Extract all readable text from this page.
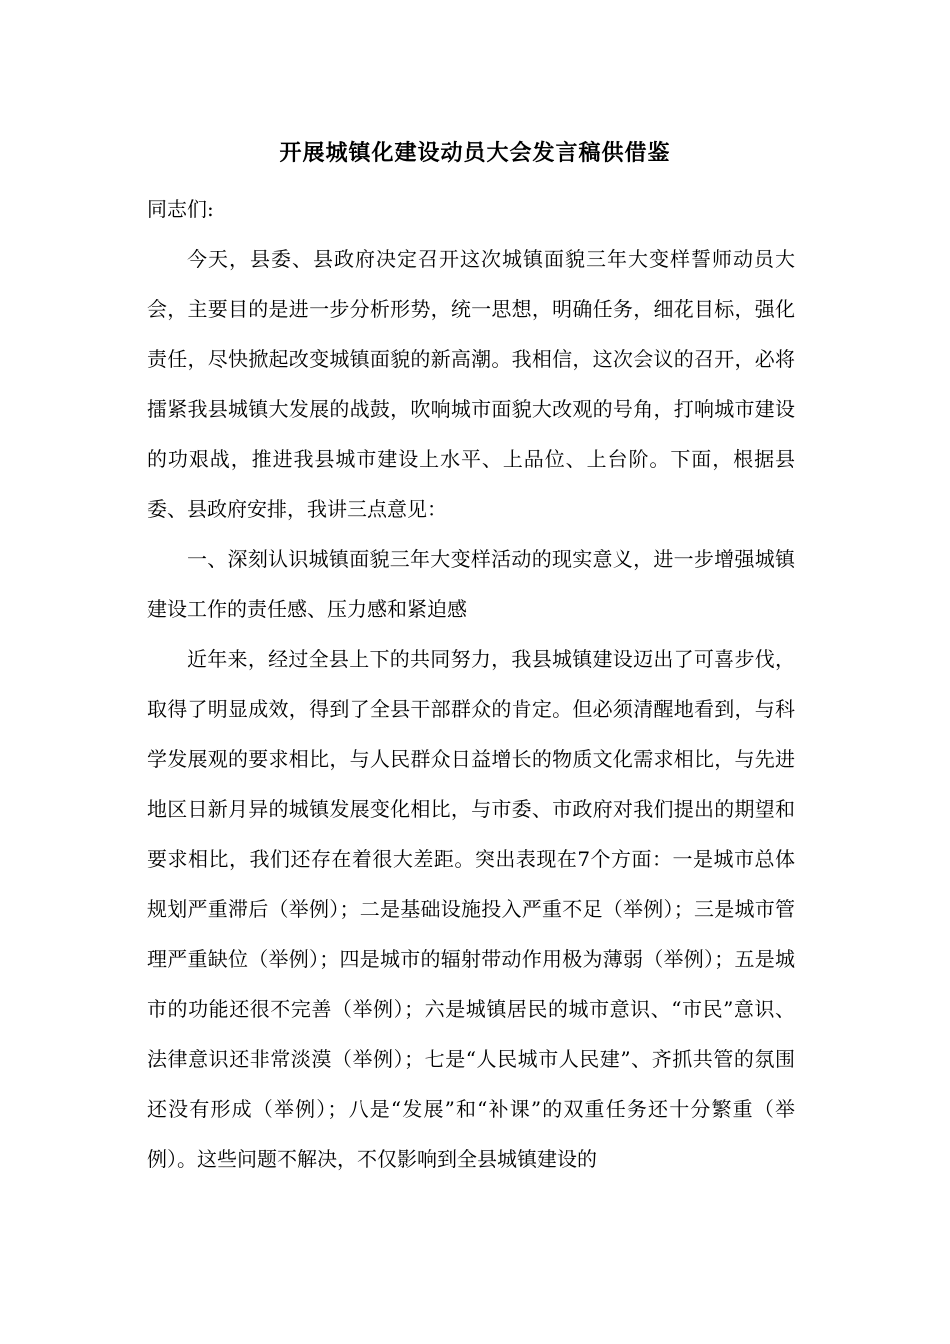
开展城镇化建设动员大会发言稿供借鉴

同志们:

今天，县委、县政府决定召开这次城镇面貌三年大变样誓师动员大会，主要目的是进一步分析形势，统一思想，明确任务，细花目标，强化责任，尽快掀起改变城镇面貌的新高潮。我相信，这次会议的召开，必将擂紧我县城镇大发展的战鼓，吹响城市面貌大改观的号角，打响城市建设的功艰战，推进我县城市建设上水平、上品位、上台阶。下面，根据县委、县政府安排，我讲三点意见：

一、深刻认识城镇面貌三年大变样活动的现实意义，进一步增强城镇建设工作的责任感、压力感和紧迫感

近年来，经过全县上下的共同努力，我县城镇建设迈出了可喜步伐，取得了明显成效，得到了全县干部群众的肯定。但必须清醒地看到，与科学发展观的要求相比，与人民群众日益增长的物质文化需求相比，与先进地区日新月异的城镇发展变化相比，与市委、市政府对我们提出的期望和要求相比，我们还存在着很大差距。突出表现在7个方面：一是城市总体规划严重滞后（举例）；二是基础设施投入严重不足（举例）；三是城市管理严重缺位（举例）；四是城市的辐射带动作用极为薄弱（举例）；五是城市的功能还很不完善（举例）；六是城镇居民的城市意识、“市民”意识、法律意识还非常淡漠（举例）；七是“人民城市人民建”、齐抓共管的氛围还没有形成（举例）；八是“发展”和“补课”的双重任务还十分繁重（举例）。这些问题不解决，不仅影响到全县城镇建设的
